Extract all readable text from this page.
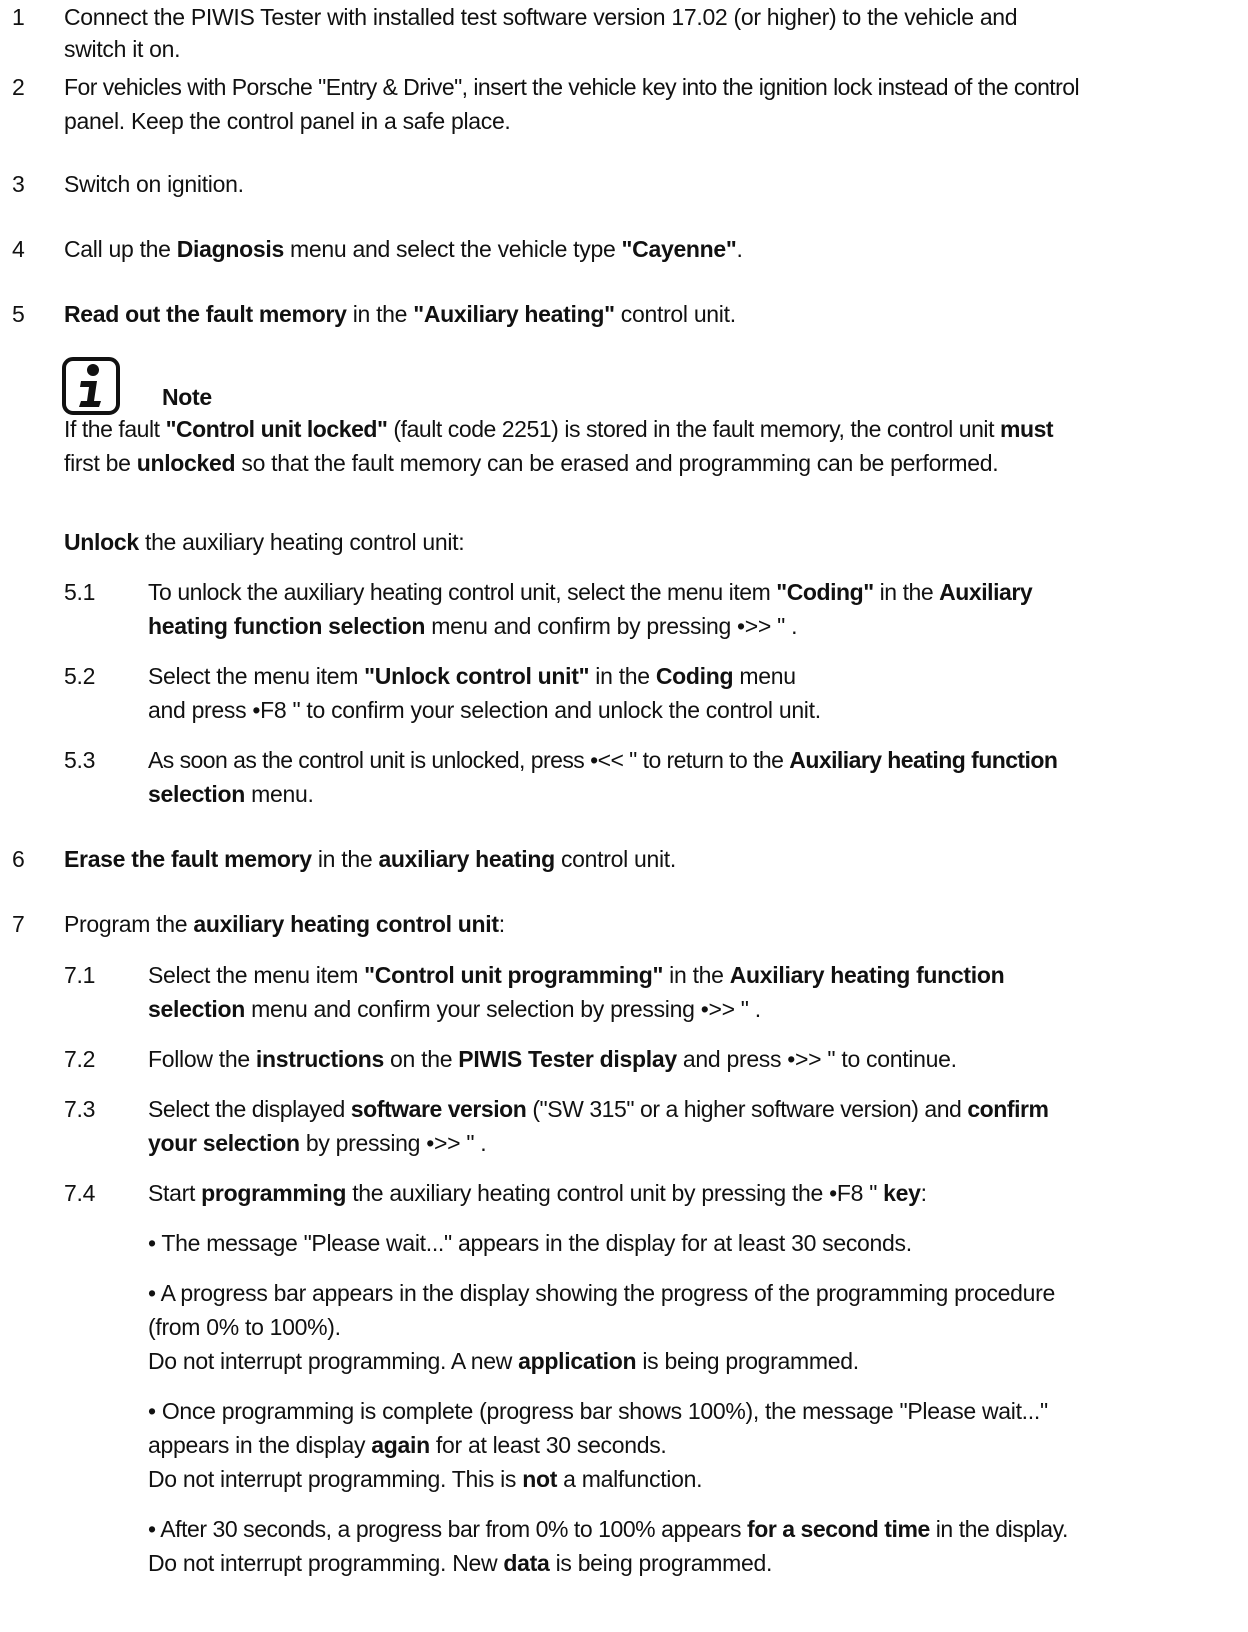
1 Connect the PIWIS Tester with installed test software version 17.02 (or higher) to the vehicle and
switch it on.
2 For vehicles with Porsche "Entry & Drive", insert the vehicle key into the ignition lock instead of the control
panel. Keep the control panel in a safe place.
3 Switch on ignition.
4 Call up the Diagnosis menu and select the vehicle type "Cayenne".
5 Read out the fault memory in the "Auxiliary heating" control unit.
Note
If the fault "Control unit locked" (fault code 2251) is stored in the fault memory, the control unit must
first be unlocked so that the fault memory can be erased and programming can be performed.
Unlock the auxiliary heating control unit:
5.1 To unlock the auxiliary heating control unit, select the menu item "Coding" in the Auxiliary
heating function selection menu and confirm by pressing •>> " .
5.2 Select the menu item "Unlock control unit" in the Coding menu
and press •F8 " to confirm your selection and unlock the control unit.
5.3 As soon as the control unit is unlocked, press •<< " to return to the Auxiliary heating function
selection menu.
6 Erase the fault memory in the auxiliary heating control unit.
7 Program the auxiliary heating control unit:
7.1 Select the menu item "Control unit programming" in the Auxiliary heating function
selection menu and confirm your selection by pressing •>> " .
7.2 Follow the instructions on the PIWIS Tester display and press •>> " to continue.
7.3 Select the displayed software version ("SW 315" or a higher software version) and confirm
your selection by pressing •>> " .
7.4 Start programming the auxiliary heating control unit by pressing the •F8 " key:
• The message "Please wait..." appears in the display for at least 30 seconds.
• A progress bar appears in the display showing the progress of the programming procedure
(from 0% to 100%).
Do not interrupt programming. A new application is being programmed.
• Once programming is complete (progress bar shows 100%), the message "Please wait..."
appears in the display again for at least 30 seconds.
Do not interrupt programming. This is not a malfunction.
• After 30 seconds, a progress bar from 0% to 100% appears for a second time in the display.
Do not interrupt programming. New data is being programmed.
